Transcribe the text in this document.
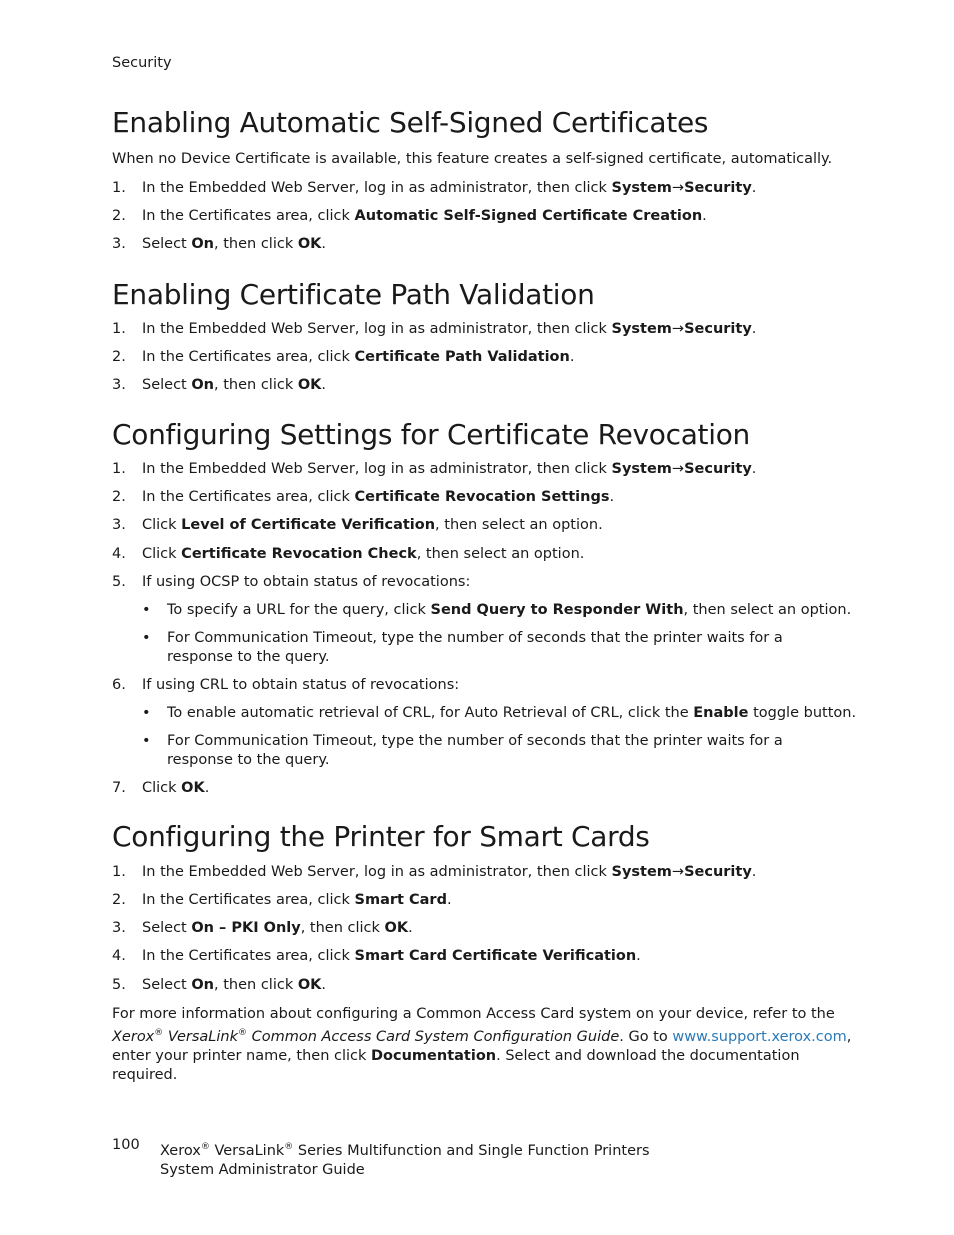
Security
Enabling Automatic Self-Signed Certificates
When no Device Certificate is available, this feature creates a self-signed certificate, automatically.
1. In the Embedded Web Server, log in as administrator, then click System→Security.
2. In the Certificates area, click Automatic Self-Signed Certificate Creation.
3. Select On, then click OK.
Enabling Certificate Path Validation
1. In the Embedded Web Server, log in as administrator, then click System→Security.
2. In the Certificates area, click Certificate Path Validation.
3. Select On, then click OK.
Configuring Settings for Certificate Revocation
1. In the Embedded Web Server, log in as administrator, then click System→Security.
2. In the Certificates area, click Certificate Revocation Settings.
3. Click Level of Certificate Verification, then select an option.
4. Click Certificate Revocation Check, then select an option.
5. If using OCSP to obtain status of revocations:
• To specify a URL for the query, click Send Query to Responder With, then select an option.
• For Communication Timeout, type the number of seconds that the printer waits for a
response to the query.
6. If using CRL to obtain status of revocations:
• To enable automatic retrieval of CRL, for Auto Retrieval of CRL, click the Enable toggle button.
• For Communication Timeout, type the number of seconds that the printer waits for a
response to the query.
7. Click OK.
Configuring the Printer for Smart Cards
1. In the Embedded Web Server, log in as administrator, then click System→Security.
2. In the Certificates area, click Smart Card.
3. Select On – PKI Only, then click OK.
4. In the Certificates area, click Smart Card Certificate Verification.
5. Select On, then click OK.
For more information about configuring a Common Access Card system on your device, refer to the
Xerox® VersaLink® Common Access Card System Configuration Guide. Go to www.support.xerox.com,
enter your printer name, then click Documentation. Select and download the documentation
required.
100 Xerox® VersaLink® Series Multifunction and Single Function Printers
System Administrator Guide
